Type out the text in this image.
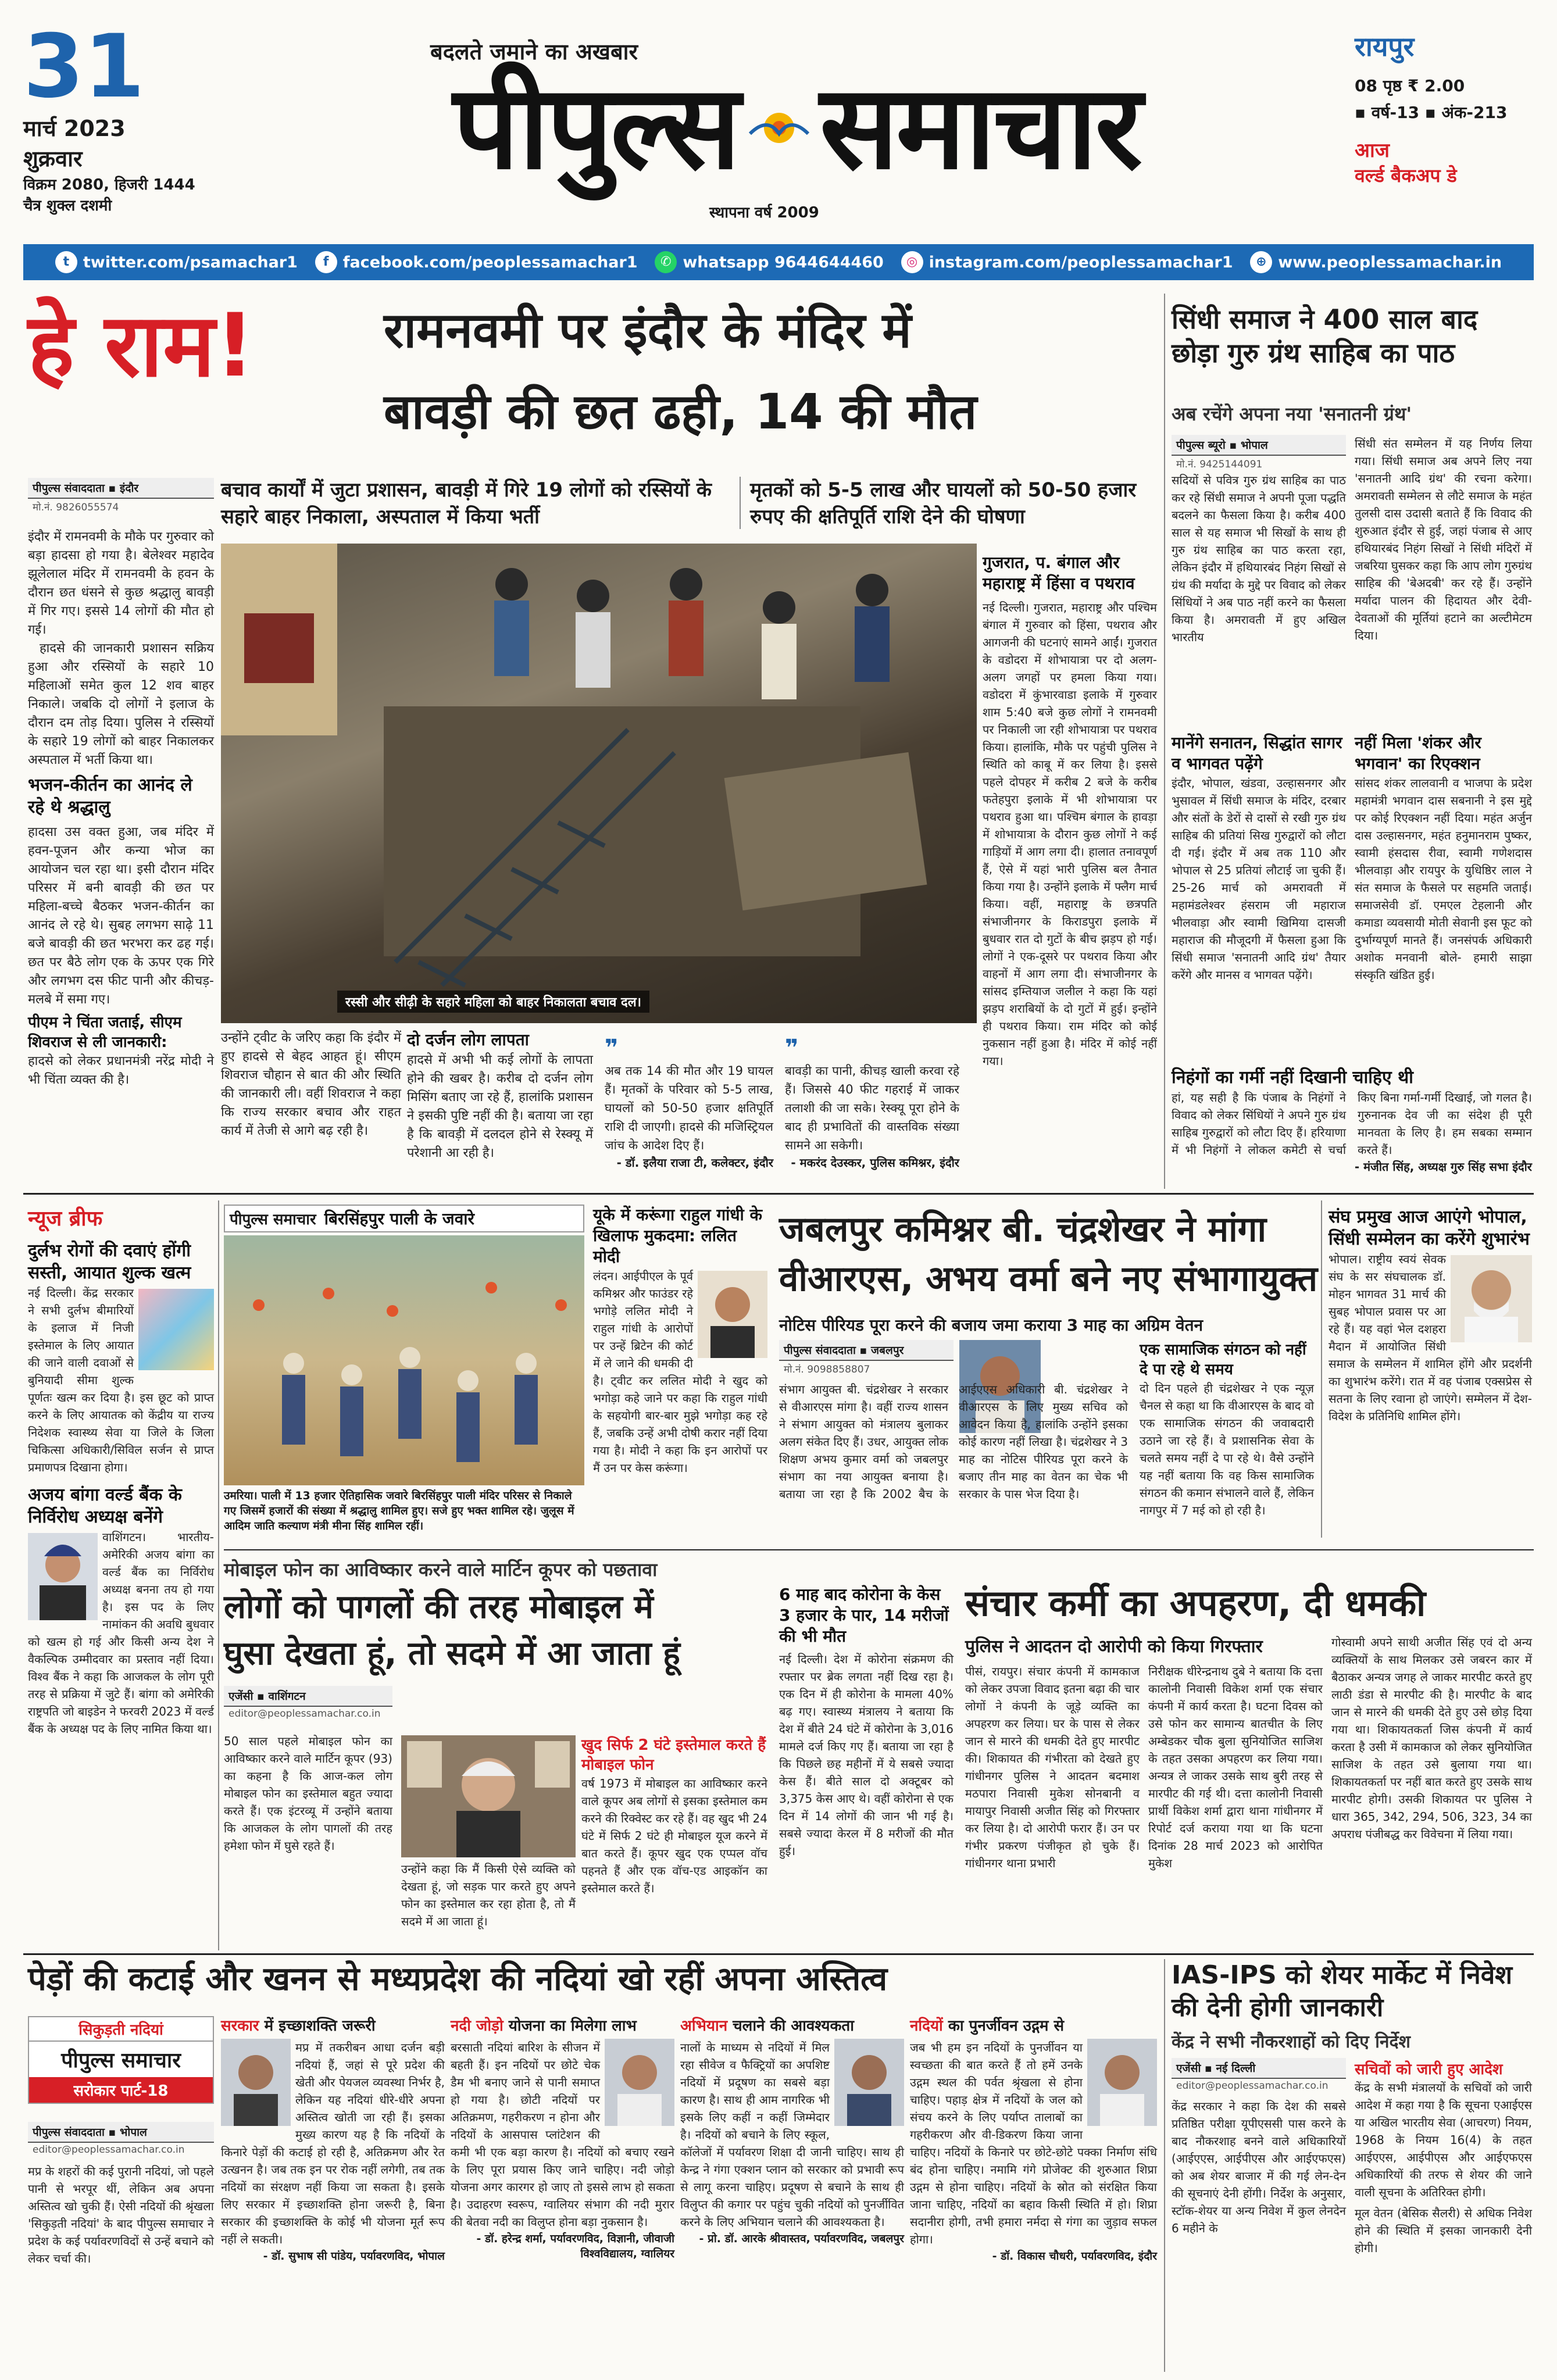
31
मार्च 2023
शुक्रवार
विक्रम 2080, हिजरी 1444
चैत्र शुक्ल दशमी
बदलते जमाने का अखबार
पीपुल्स समाचार
स्थापना वर्ष 2009
रायपुर
08 पृष्ठ ₹ 2.00
▪ वर्ष-13 ▪ अंक-213
आज
वर्ल्ड बैकअप डे
t twitter.com/psamachar1	f facebook.com/peoplessamachar1	✆ whatsapp 9644644460	◎ instagram.com/peoplessamachar1	⊕ www.peoplessamachar.in
हे राम!	रामनवमी पर इंदौर के मंदिर में
बावड़ी की छत ढही, 14 की मौत
पीपुल्स संवाददाता ▪ इंदौर
मो.नं. 9826055574
बचाव कार्यों में जुटा प्रशासन, बावड़ी में गिरे 19 लोगों को रस्सियों के सहारे बाहर निकाला, अस्पताल में किया भर्ती
मृतकों को 5-5 लाख और घायलों को 50-50 हजार रुपए की क्षतिपूर्ति राशि देने की घोषणा

इंदौर में रामनवमी के मौके पर गुरुवार को बड़ा हादसा हो गया है। बेलेश्वर महादेव झूलेलाल मंदिर में रामनवमी के हवन के दौरान छत धंसने से कुछ श्रद्धालु बावड़ी में गिर गए। इससे 14 लोगों की मौत हो गई।

हादसे की जानकारी प्रशासन सक्रिय हुआ और रस्सियों के सहारे 10 महिलाओं समेत कुल 12 शव बाहर निकाले। जबकि दो लोगों ने इलाज के दौरान दम तोड़ दिया। पुलिस ने रस्सियों के सहारे 19 लोगों को बाहर निकालकर अस्पताल में भर्ती किया था।

भजन-कीर्तन का आनंद ले रहे थे श्रद्धालु

हादसा उस वक्त हुआ, जब मंदिर में हवन-पूजन और कन्या भोज का आयोजन चल रहा था। इसी दौरान मंदिर परिसर में बनी बावड़ी की छत पर महिला-बच्चे बैठकर भजन-कीर्तन का आनंद ले रहे थे। सुबह लगभग साढ़े 11 बजे बावड़ी की छत भरभरा कर ढह गई। छत पर बैठे लोग एक के ऊपर एक गिरे और लगभग दस फीट पानी और कीचड़-मलबे में समा गए।

पीएम ने चिंता जताई, सीएम शिवराज से ली जानकारी:

हादसे को लेकर प्रधानमंत्री नरेंद्र मोदी ने भी चिंता व्यक्त की है।

रस्सी और सीढ़ी के सहारे महिला को बाहर निकालता बचाव दल।
गुजरात, प. बंगाल और महाराष्ट्र में हिंसा व पथराव

नई दिल्ली। गुजरात, महाराष्ट्र और पश्चिम बंगाल में गुरुवार को हिंसा, पथराव और आगजनी की घटनाएं सामने आईं। गुजरात के वडोदरा में शोभायात्रा पर दो अलग-अलग जगहों पर हमला किया गया। वडोदरा में कुंभारवाडा इलाके में गुरुवार शाम 5:40 बजे कुछ लोगों ने रामनवमी पर निकाली जा रही शोभायात्रा पर पथराव किया। हालांकि, मौके पर पहुंची पुलिस ने स्थिति को काबू में कर लिया है। इससे पहले दोपहर में करीब 2 बजे के करीब फतेहपुरा इलाके में भी शोभायात्रा पर पथराव हुआ था। पश्चिम बंगाल के हावड़ा में शोभायात्रा के दौरान कुछ लोगों ने कई गाड़ियों में आग लगा दी। हालात तनावपूर्ण हैं, ऐसे में यहां भारी पुलिस बल तैनात किया गया है। उन्होंने इलाके में फ्लैग मार्च किया। वहीं, महाराष्ट्र के छत्रपति संभाजीनगर के किराडपुरा इलाके में बुधवार रात दो गुटों के बीच झड़प हो गई। लोगों ने एक-दूसरे पर पथराव किया और वाहनों में आग लगा दी। संभाजीनगर के सांसद इम्तियाज जलील ने कहा कि यहां झड़प शराबियों के दो गुटों में हुई। इन्होंने ही पथराव किया। राम मंदिर को कोई नुकसान नहीं हुआ है। मंदिर में कोई नहीं गया।

उन्होंने ट्वीट के जरिए कहा कि इंदौर में हुए हादसे से बेहद आहत हूं। सीएम शिवराज चौहान से बात की और स्थिति की जानकारी ली। वहीं शिवराज ने कहा कि राज्य सरकार बचाव और राहत कार्य में तेजी से आगे बढ़ रही है।

दो दर्जन लोग लापता

हादसे में अभी भी कई लोगों के लापता होने की खबर है। करीब दो दर्जन लोग मिसिंग बताए जा रहे हैं, हालांकि प्रशासन ने इसकी पुष्टि नहीं की है। बताया जा रहा है कि बावड़ी में दलदल होने से रेस्क्यू में परेशानी आ रही है।

❞

अब तक 14 की मौत और 19 घायल हैं। मृतकों के परिवार को 5-5 लाख, घायलों को 50-50 हजार क्षतिपूर्ति राशि दी जाएगी। हादसे की मजिस्ट्रियल जांच के आदेश दिए हैं।

- डॉ. इलैया राजा टी, कलेक्टर, इंदौर

❞

बावड़ी का पानी, कीचड़ खाली करवा रहे हैं। जिससे 40 फीट गहराई में जाकर तलाशी की जा सके। रेस्क्यू पूरा होने के बाद ही प्रभावितों की वास्तविक संख्या सामने आ सकेगी।

- मकरंद देउस्कर, पुलिस कमिश्नर, इंदौर

सिंधी समाज ने 400 साल बाद छोड़ा गुरु ग्रंथ साहिब का पाठ
अब रचेंगे अपना नया 'सनातनी ग्रंथ'
पीपुल्स ब्यूरो ▪ भोपाल
मो.नं. 9425144091

सदियों से पवित्र गुरु ग्रंथ साहिब का पाठ कर रहे सिंधी समाज ने अपनी पूजा पद्धति बदलने का फैसला किया है। करीब 400 साल से यह समाज भी सिखों के साथ ही गुरु ग्रंथ साहिब का पाठ करता रहा, लेकिन इंदौर में हथियारबंद निहंग सिखों से ग्रंथ की मर्यादा के मुद्दे पर विवाद को लेकर सिंधियों ने अब पाठ नहीं करने का फैसला किया है। अमरावती में हुए अखिल भारतीय

सिंधी संत सम्मेलन में यह निर्णय लिया गया। सिंधी समाज अब अपने लिए नया 'सनातनी आदि ग्रंथ' की रचना करेगा। अमरावती सम्मेलन से लौटे समाज के महंत तुलसी दास उदासी बताते हैं कि विवाद की शुरुआत इंदौर से हुई, जहां पंजाब से आए हथियारबंद निहंग सिखों ने सिंधी मंदिरों में जबरिया घुसकर कहा कि आप लोग गुरुग्रंथ साहिब की 'बेअदबी' कर रहे हैं। उन्होंने मर्यादा पालन की हिदायत और देवी-देवताओं की मूर्तियां हटाने का अल्टीमेटम दिया।

मानेंगे सनातन, सिद्धांत सागर व भागवत पढ़ेंगे

इंदौर, भोपाल, खंडवा, उल्हासनगर और भुसावल में सिंधी समाज के मंदिर, दरबार और संतों के डेरों से दासों से रखी गुरु ग्रंथ साहिब की प्रतियां सिख गुरुद्वारों को लौटा दी गई। इंदौर में अब तक 110 और भोपाल से 25 प्रतियां लौटाई जा चुकी हैं। 25-26 मार्च को अमरावती में महामंडलेश्वर हंसराम जी महाराज भीलवाड़ा और स्वामी खिमिया दासजी महाराज की मौजूदगी में फैसला हुआ कि सिंधी समाज 'सनातनी आदि ग्रंथ' तैयार करेंगे और मानस व भागवत पढ़ेंगे।

नहीं मिला 'शंकर और भगवान' का रिएक्शन

सांसद शंकर लालवानी व भाजपा के प्रदेश महामंत्री भगवान दास सबनानी ने इस मुद्दे पर कोई रिएक्शन नहीं दिया। महंत अर्जुन दास उल्हासनगर, महंत हनुमानराम पुष्कर, स्वामी हंसदास रीवा, स्वामी गणेशदास भीलवाड़ा और रायपुर के युधिष्ठिर लाल ने संत समाज के फैसले पर सहमति जताई। समाजसेवी डॉ. एमएल टेहलानी और कमाडा व्यवसायी मोती सेवानी इस फूट को दुर्भाग्यपूर्ण मानते हैं। जनसंपर्क अधिकारी अशोक मनवानी बोले- हमारी साझा संस्कृति खंडित हुई।

निहंगों का गर्मी नहीं दिखानी चाहिए थी

हां, यह सही है कि पंजाब के निहंगों ने विवाद को लेकर सिंधियों ने अपने गुरु ग्रंथ साहिब गुरुद्वारों को लौटा दिए हैं। हरियाणा में भी निहंगों ने लोकल कमेटी से चर्चा किए बिना गर्मा-गर्मी दिखाई, जो गलत है। गुरुनानक देव जी का संदेश ही पूरी मानवता के लिए है। हम सबका सम्मान करते हैं।

- मंजीत सिंह, अध्यक्ष गुरु सिंह सभा इंदौर

न्यूज ब्रीफ
दुर्लभ रोगों की दवाएं होंगी सस्ती, आयात शुल्क खत्म

नई दिल्ली। केंद्र सरकार ने सभी दुर्लभ बीमारियों के इलाज में निजी इस्तेमाल के लिए आयात की जाने वाली दवाओं से बुनियादी सीमा शुल्क पूर्णतः खत्म कर दिया है। इस छूट को प्राप्त करने के लिए आयातक को केंद्रीय या राज्य निदेशक स्वास्थ्य सेवा या जिले के जिला चिकित्सा अधिकारी/सिविल सर्जन से प्राप्त प्रमाणपत्र दिखाना होगा।

अजय बांगा वर्ल्ड बैंक के निर्विरोध अध्यक्ष बनेंगे

वाशिंगटन। भारतीय-अमेरिकी अजय बांगा का वर्ल्ड बैंक का निर्विरोध अध्यक्ष बनना तय हो गया है। इस पद के लिए नामांकन की अवधि बुधवार को खत्म हो गई और किसी अन्य देश ने वैकल्पिक उम्मीदवार का प्रस्ताव नहीं दिया। विश्व बैंक ने कहा कि आजकल के लोग पूरी तरह से प्रक्रिया में जुटे हैं। बांगा को अमेरिकी राष्ट्रपति जो बाइडेन ने फरवरी 2023 में वर्ल्ड बैंक के अध्यक्ष पद के लिए नामित किया था।

पीपुल्स समाचार बिरसिंहपुर पाली के जवारे
उमरिया। पाली में 13 हजार ऐतिहासिक जवारे बिरसिंहपुर पाली मंदिर परिसर से निकाले गए जिसमें हजारों की संख्या में श्रद्धालु शामिल हुए। सजे हुए भक्त शामिल रहे। जुलूस में आदिम जाति कल्याण मंत्री मीना सिंह शामिल रहीं।
यूके में करूंगा राहुल गांधी के खिलाफ मुकदमा: ललित मोदी

लंदन। आईपीएल के पूर्व कमिश्नर और फाउंडर रहे भगोड़े ललित मोदी ने राहुल गांधी के आरोपों पर उन्हें ब्रिटेन की कोर्ट में ले जाने की धमकी दी है। ट्वीट कर ललित मोदी ने खुद को भगोड़ा कहे जाने पर कहा कि राहुल गांधी के सहयोगी बार-बार मुझे भगोड़ा कह रहे हैं, जबकि उन्हें अभी दोषी करार नहीं दिया गया है। मोदी ने कहा कि इन आरोपों पर मैं उन पर केस करूंगा।

जबलपुर कमिश्नर बी. चंद्रशेखर ने मांगा
वीआरएस, अभय वर्मा बने नए संभागायुक्त
नोटिस पीरियड पूरा करने की बजाय जमा कराया 3 माह का अग्रिम वेतन
पीपुल्स संवाददाता ▪ जबलपुर
मो.नं. 9098858807

संभाग आयुक्त बी. चंद्रशेखर ने सरकार से वीआरएस मांगा है। वहीं राज्य शासन ने संभाग आयुक्त को मंत्रालय बुलाकर अलग संकेत दिए हैं। उधर, आयुक्त लोक शिक्षण अभय कुमार वर्मा को जबलपुर संभाग का नया आयुक्त बनाया है। बताया जा रहा है कि 2002 बैच के आईएएस अधिकारी बी. चंद्रशेखर ने वीआरएस के लिए मुख्य सचिव को आवेदन किया है, हालांकि उन्होंने इसका कोई कारण नहीं लिखा है। चंद्रशेखर ने 3 माह का नोटिस पीरियड पूरा करने के बजाए तीन माह का वेतन का चेक भी सरकार के पास भेज दिया है।

एक सामाजिक संगठन को नहीं दे पा रहे थे समय

दो दिन पहले ही चंद्रशेखर ने एक न्यूज़ चैनल से कहा था कि वीआरएस के बाद वो एक सामाजिक संगठन की जवाबदारी उठाने जा रहे हैं। वे प्रशासनिक सेवा के चलते समय नहीं दे पा रहे थे। वैसे उन्होंने यह नहीं बताया कि वह किस सामाजिक संगठन की कमान संभालने वाले हैं, लेकिन नागपुर में 7 मई को हो रही है।

संघ प्रमुख आज आएंगे भोपाल, सिंधी सम्मेलन का करेंगे शुभारंभ

भोपाल। राष्ट्रीय स्वयं सेवक संघ के सर संघचालक डॉ. मोहन भागवत 31 मार्च की सुबह भोपाल प्रवास पर आ रहे हैं। यह वहां भेल दशहरा मैदान में आयोजित सिंधी समाज के सम्मेलन में शामिल होंगे और प्रदर्शनी का शुभारंभ करेंगे। रात में वह पंजाब एक्सप्रेस से सतना के लिए रवाना हो जाएंगे। सम्मेलन में देश-विदेश के प्रतिनिधि शामिल होंगे।

मोबाइल फोन का आविष्कार करने वाले मार्टिन कूपर को पछतावा
लोगों को पागलों की तरह मोबाइल में
घुसा देखता हूं, तो सदमे में आ जाता हूं
एजेंसी ▪ वाशिंगटन
editor@peoplessamachar.co.in

50 साल पहले मोबाइल फोन का आविष्कार करने वाले मार्टिन कूपर (93) का कहना है कि आज-कल लोग मोबाइल फोन का इस्तेमाल बहुत ज्यादा करते हैं। एक इंटरव्यू में उन्होंने बताया कि आजकल के लोग पागलों की तरह हमेशा फोन में घुसे रहते हैं।

उन्होंने कहा कि मैं किसी ऐसे व्यक्ति को देखता हूं, जो सड़क पार करते हुए अपने फोन का इस्तेमाल कर रहा होता है, तो मैं सदमे में आ जाता हूं।

खुद सिर्फ 2 घंटे इस्तेमाल करते हैं मोबाइल फोन

वर्ष 1973 में मोबाइल का आविष्कार करने वाले कूपर अब लोगों से इसका इस्तेमाल कम करने की रिक्वेस्ट कर रहे हैं। वह खुद भी 24 घंटे में सिर्फ 2 घंटे ही मोबाइल यूज करने में बात करते हैं। कूपर खुद एक एप्पल वॉच पहनते हैं और एक वॉच-एड आइकॉन का इस्तेमाल करते हैं।

6 माह बाद कोरोना के केस 3 हजार के पार, 14 मरीजों की भी मौत

नई दिल्ली। देश में कोरोना संक्रमण की रफ्तार पर ब्रेक लगता नहीं दिख रहा है। एक दिन में ही कोरोना के मामला 40% बढ़ गए। स्वास्थ्य मंत्रालय ने बताया कि देश में बीते 24 घंटे में कोरोना के 3,016 मामले दर्ज किए गए हैं। बताया जा रहा है कि पिछले छह महीनों में ये सबसे ज्यादा केस हैं। बीते साल दो अक्टूबर को 3,375 केस आए थे। वहीं कोरोना से एक दिन में 14 लोगों की जान भी गई है। सबसे ज्यादा केरल में 8 मरीजों की मौत हुई।

संचार कर्मी का अपहरण, दी धमकी
पुलिस ने आदतन दो आरोपी को किया गिरफ्तार

पीसं, रायपुर। संचार कंपनी में कामकाज को लेकर उपजा विवाद इतना बढ़ा की चार लोगों ने कंपनी के जूड़े व्यक्ति का अपहरण कर लिया। घर के पास से लेकर जान से मारने की धमकी देते हुए मारपीट की। शिकायत की गंभीरता को देखते हुए गांधीनगर पुलिस ने आदतन बदमाश मठपारा निवासी मुकेश सोनबानी व मायापुर निवासी अजीत सिंह को गिरफ्तार कर लिया है। दो आरोपी फरार हैं। उन पर गंभीर प्रकरण पंजीकृत हो चुके हैं। गांधीनगर थाना प्रभारी

निरीक्षक धीरेन्द्रनाथ दुबे ने बताया कि दत्ता कालोनी निवासी विकेश शर्मा एक संचार कंपनी में कार्य करता है। घटना दिवस को उसे फोन कर सामान्य बातचीत के लिए अम्बेडकर चौक बुला सुनियोजित साजिश के तहत उसका अपहरण कर लिया गया। अन्यत्र ले जाकर उसके साथ बुरी तरह से मारपीट की गई थी। दत्ता कालोनी निवासी प्रार्थी विकेश शर्मा द्वारा थाना गांधीनगर में रिपोर्ट दर्ज कराया गया था कि घटना दिनांक 28 मार्च 2023 को आरोपित मुकेश

गोस्वामी अपने साथी अजीत सिंह एवं दो अन्य व्यक्तियों के साथ मिलकर उसे जबरन कार में बैठाकर अन्यत्र जगह ले जाकर मारपीट करते हुए लाठी डंडा से मारपीट की है। मारपीट के बाद जान से मारने की धमकी देते हुए उसे छोड़ दिया गया था। शिकायतकर्ता जिस कंपनी में कार्य करता है उसी में कामकाज को लेकर सुनियोजित साजिश के तहत उसे बुलाया गया था। शिकायतकर्ता पर नहीं बात करते हुए उसके साथ मारपीट होगी। उसकी शिकायत पर पुलिस ने धारा 365, 342, 294, 506, 323, 34 का अपराध पंजीबद्ध कर विवेचना में लिया गया।

पेड़ों की कटाई और खनन से मध्यप्रदेश की नदियां खो रहीं अपना अस्तित्व
सिकुड़ती नदियां
पीपुल्स समाचार
सरोकार पार्ट-18
पीपुल्स संवाददाता ▪ भोपाल
editor@peoplessamachar.co.in

मप्र के शहरों की कई पुरानी नदियां, जो पहले पानी से भरपूर थीं, लेकिन अब अपना अस्तित्व खो चुकी हैं। ऐसी नदियों की श्रृंखला 'सिकुड़ती नदियां' के बाद पीपुल्स समाचार ने प्रदेश के कई पर्यावरणविदों से उन्हें बचाने को लेकर चर्चा की।

सरकार में इच्छाशक्ति जरूरी

मप्र में तकरीबन आधा दर्जन बड़ी नदियां हैं, जहां से पूरे प्रदेश की खेती और पेयजल व्यवस्था निर्भर है, लेकिन यह नदियां धीरे-धीरे अपना अस्तित्व खोती जा रही हैं। इसका मुख्य कारण यह है कि नदियों के किनारे पेड़ों की कटाई हो रही है, अतिक्रमण और रेत उत्खनन है। जब तक इन पर रोक नहीं लगेगी, तब तक नदियों का संरक्षण नहीं किया जा सकता है। इसके लिए सरकार में इच्छाशक्ति होना जरूरी है, बिना सरकार की इच्छाशक्ति के कोई भी योजना मूर्त रूप नहीं ले सकती।

- डॉ. सुभाष सी पांडेय, पर्यावरणविद, भोपाल

नदी जोड़ो योजना का मिलेगा लाभ

बरसाती नदियां बारिश के सीजन में बहती हैं। इन नदियों पर छोटे चेक डैम भी बनाए जाने से पानी समाप्त हो गया है। छोटी नदियों पर अतिक्रमण, गहरीकरण न होना और नदियों के आसपास प्लांटेशन की कमी भी एक बड़ा कारण है। नदियों को बचाए रखने के लिए पूरा प्रयास किए जाने चाहिए। नदी जोड़ो योजना अगर कारगर हो जाए तो इससे लाभ हो सकता है। उदाहरण स्वरूप, ग्वालियर संभाग की नदी मुरार की बेतवा नदी का विलुप्त होना बड़ा नुकसान है।

- डॉ. हरेन्द्र शर्मा, पर्यावरणविद, विज्ञानी, जीवाजी विश्वविद्यालय, ग्वालियर

अभियान चलाने की आवश्यकता

नालों के माध्यम से नदियों में मिल रहा सीवेज व फैक्ट्रियों का अपशिष्ट नदियों में प्रदूषण का सबसे बड़ा कारण है। साथ ही आम नागरिक भी इसके लिए कहीं न कहीं जिम्मेदार है। नदियों को बचाने के लिए स्कूल, कॉलेजों में पर्यावरण शिक्षा दी जानी चाहिए। साथ ही केन्द्र ने गंगा एक्शन प्लान को सरकार को प्रभावी रूप से लागू करना चाहिए। प्रदूषण से बचाने के साथ ही विलुप्त की कगार पर पहुंच चुकी नदियों को पुनर्जीवित करने के लिए अभियान चलाने की आवश्यकता है।

- प्रो. डॉ. आरके श्रीवास्तव, पर्यावरणविद, जबलपुर

नदियों का पुनर्जीवन उद्गम से

जब भी हम इन नदियों के पुनर्जीवन या स्वच्छता की बात करते हैं तो हमें उनके उद्गम स्थल की पर्वत श्रृंखला से होना चाहिए। पहाड़ क्षेत्र में नदियों के जल को संचय करने के लिए पर्याप्त तालाबों का गहरीकरण और वी-डिकरण किया जाना चाहिए। नदियों के किनारे पर छोटे-छोटे पक्का निर्माण संधि बंद होना चाहिए। नमामि गंगे प्रोजेक्ट की शुरुआत शिप्रा उद्गम से होना चाहिए। नदियों के स्रोत को संरक्षित किया जाना चाहिए, नदियों का बहाव किसी स्थिति में हो। शिप्रा सदानीरा होगी, तभी हमारा नर्मदा से गंगा का जुड़ाव सफल होगा।

- डॉ. विकास चौधरी, पर्यावरणविद, इंदौर

IAS-IPS को शेयर मार्केट में निवेश की देनी होगी जानकारी
केंद्र ने सभी नौकरशाहों को दिए निर्देश
एजेंसी ▪ नई दिल्ली
editor@peoplessamachar.co.in

केंद्र सरकार ने कहा कि देश की सबसे प्रतिष्ठित परीक्षा यूपीएससी पास करने के बाद नौकरशाह बनने वाले अधिकारियों (आईएएस, आईपीएस और आईएफएस) को अब शेयर बाजार में की गई लेन-देन की सूचनाएं देनी होंगी। निर्देश के अनुसार, स्टॉक-शेयर या अन्य निवेश में कुल लेनदेन 6 महीने के

सचिवों को जारी हुए आदेश

केंद्र के सभी मंत्रालयों के सचिवों को जारी आदेश में कहा गया है कि सूचना एआईएस या अखिल भारतीय सेवा (आचरण) नियम, 1968 के नियम 16(4) के तहत आईएएस, आईपीएस और आईएफएस अधिकारियों की तरफ से शेयर की जाने वाली सूचना के अतिरिक्त होगी।

मूल वेतन (बेसिक सैलरी) से अधिक निवेश होने की स्थिति में इसका जानकारी देनी होगी।
